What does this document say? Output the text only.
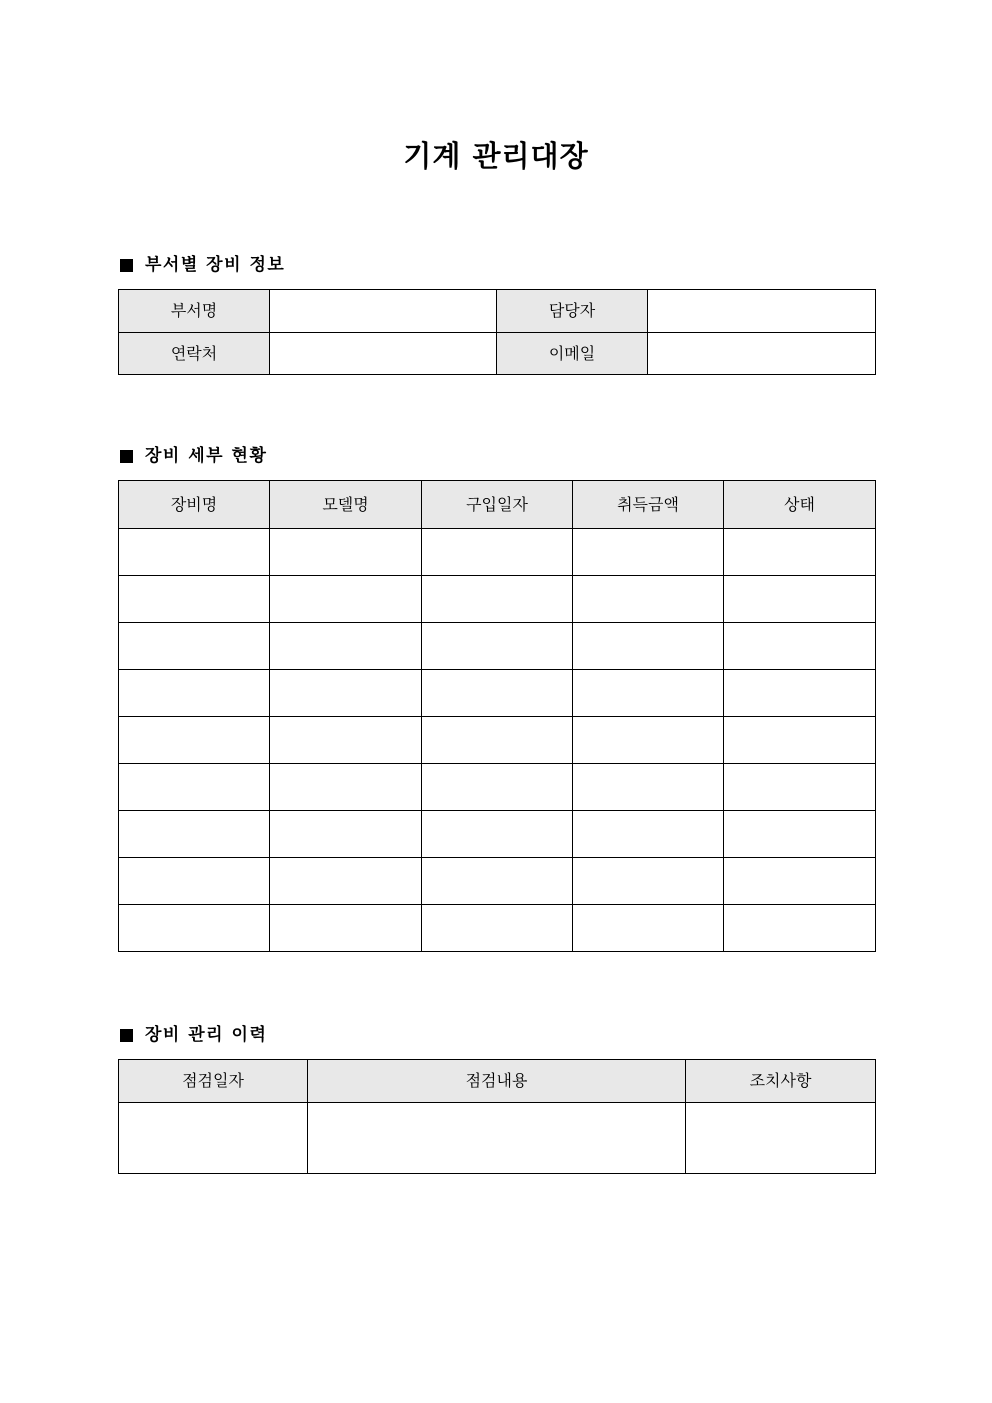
기계 관리대장
부서별 장비 정보
부서명		담당자	
연락처		이메일	
장비 세부 현황
장비명	모델명	구입일자	취득금액	상태

장비 관리 이력
점검일자	점검내용	조치사항
